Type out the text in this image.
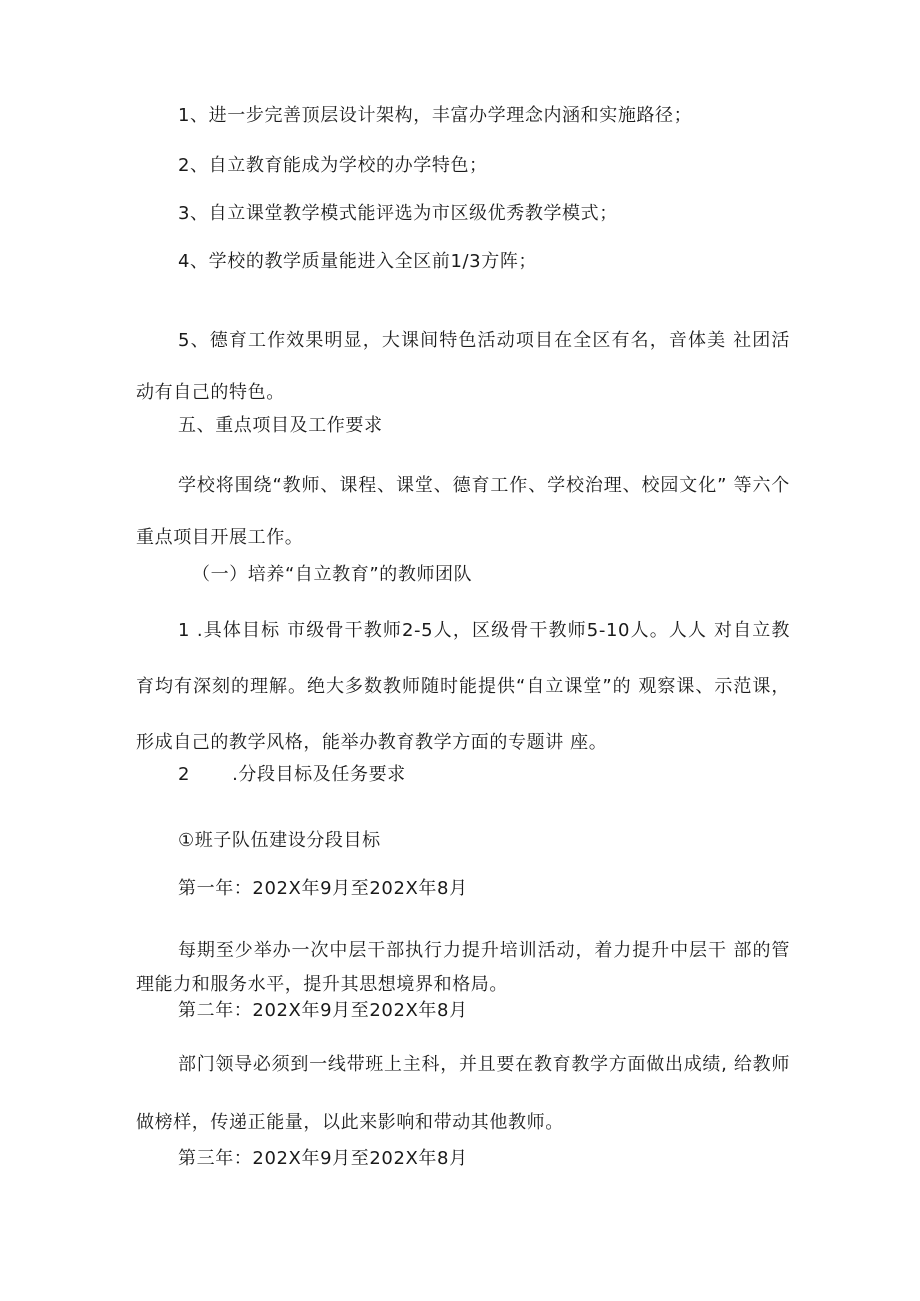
1、进一步完善顶层设计架构，丰富办学理念内涵和实施路径；

2、自立教育能成为学校的办学特色；

3、自立课堂教学模式能评选为市区级优秀教学模式；

4、学校的教学质量能进入全区前1/3方阵；

5、德育工作效果明显，大课间特色活动项目在全区有名，音体美 社团活动有自己的特色。

五、重点项目及工作要求

学校将围绕“教师、课程、课堂、德育工作、学校治理、校园文化” 等六个重点项目开展工作。

（一）培养“自立教育”的教师团队

1 .具体目标 市级骨干教师2-5人，区级骨干教师5-10人。人人 对自立教育均有深刻的理解。绝大多数教师随时能提供“自立课堂”的 观察课、示范课，形成自己的教学风格，能举办教育教学方面的专题讲 座。

2 .分段目标及任务要求

①班子队伍建设分段目标

第一年：202X年9月至202X年8月

每期至少举办一次中层干部执行力提升培训活动，着力提升中层干 部的管理能力和服务水平，提升其思想境界和格局。

第二年：202X年9月至202X年8月

部门领导必须到一线带班上主科，并且要在教育教学方面做出成绩, 给教师做榜样，传递正能量，以此来影响和带动其他教师。

第三年：202X年9月至202X年8月
